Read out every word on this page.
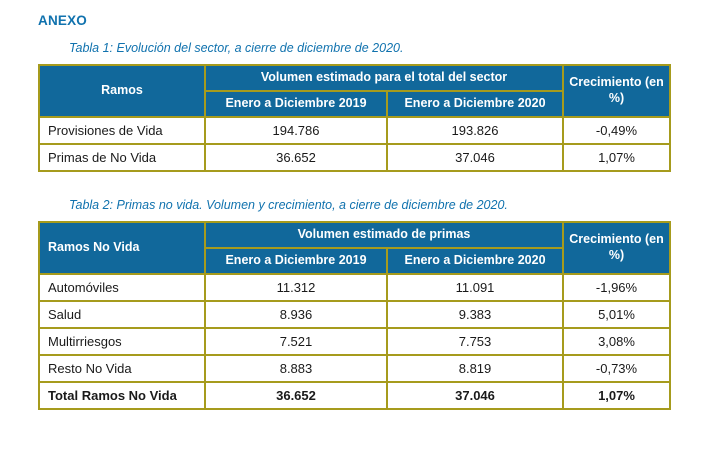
ANEXO
Tabla 1: Evolución del sector, a cierre de diciembre de 2020.
Ramos	Volumen estimado para el total del sector		Crecimiento (en %)
	Enero a Diciembre 2019	Enero a Diciembre 2020	
Provisiones de Vida	194.786	193.826	-0,49%
Primas de No Vida	36.652	37.046	1,07%
Tabla 2: Primas no vida. Volumen y crecimiento, a cierre de diciembre de 2020.
Ramos No Vida	Volumen estimado de primas		Crecimiento (en %)
	Enero a Diciembre 2019	Enero a Diciembre 2020	
Automóviles	11.312	11.091	-1,96%
Salud	8.936	9.383	5,01%
Multirriesgos	7.521	7.753	3,08%
Resto No Vida	8.883	8.819	-0,73%
Total Ramos No Vida	36.652	37.046	1,07%
